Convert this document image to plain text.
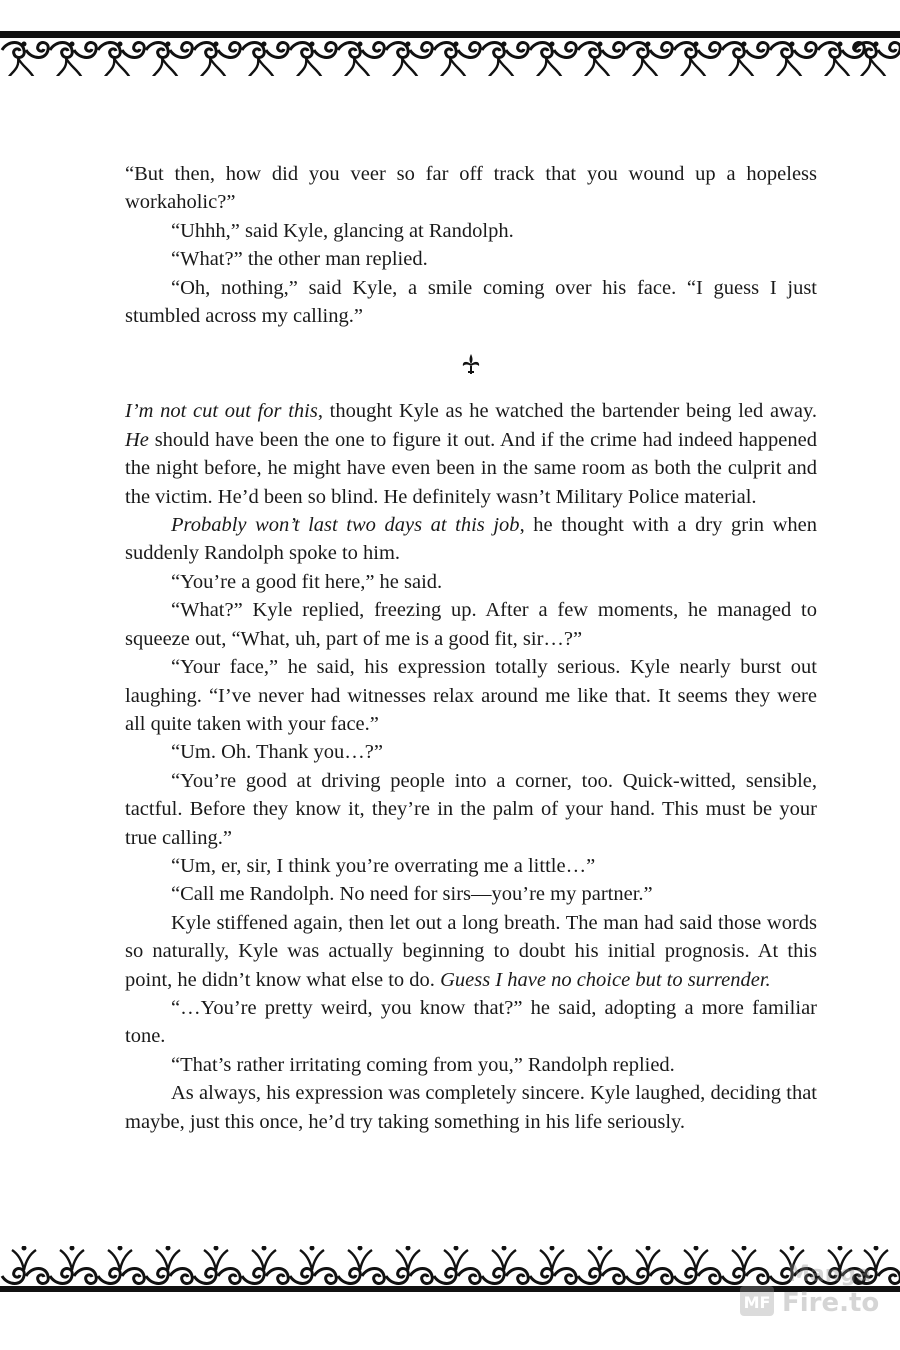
“But then, how did you veer so far off track that you wound up a hopeless workaholic?”

“Uhhh,” said Kyle, glancing at Randolph.

“What?” the other man replied.

“Oh, nothing,” said Kyle, a smile coming over his face. “I guess I just stumbled across my calling.”

I’m not cut out for this, thought Kyle as he watched the bartender being led away. He should have been the one to figure it out. And if the crime had indeed happened the night before, he might have even been in the same room as both the culprit and the victim. He’d been so blind. He definitely wasn’t Military Police material.

Probably won’t last two days at this job, he thought with a dry grin when suddenly Randolph spoke to him.

“You’re a good fit here,” he said.

“What?” Kyle replied, freezing up. After a few moments, he managed to squeeze out, “What, uh, part of me is a good fit, sir…?”

“Your face,” he said, his expression totally serious. Kyle nearly burst out laughing. “I’ve never had witnesses relax around me like that. It seems they were all quite taken with your face.”

“Um. Oh. Thank you…?”

“You’re good at driving people into a corner, too. Quick-witted, sensible, tactful. Before they know it, they’re in the palm of your hand. This must be your true calling.”

“Um, er, sir, I think you’re overrating me a little…”

“Call me Randolph. No need for sirs—you’re my partner.”

Kyle stiffened again, then let out a long breath. The man had said those words so naturally, Kyle was actually beginning to doubt his initial prognosis. At this point, he didn’t know what else to do. Guess I have no choice but to surrender.

“…You’re pretty weird, you know that?” he said, adopting a more familiar tone.

“That’s rather irritating coming from you,” Randolph replied.

As always, his expression was completely sincere. Kyle laughed, deciding that maybe, just this once, he’d try taking something in his life seriously.

MF
Manga
Fire.to
